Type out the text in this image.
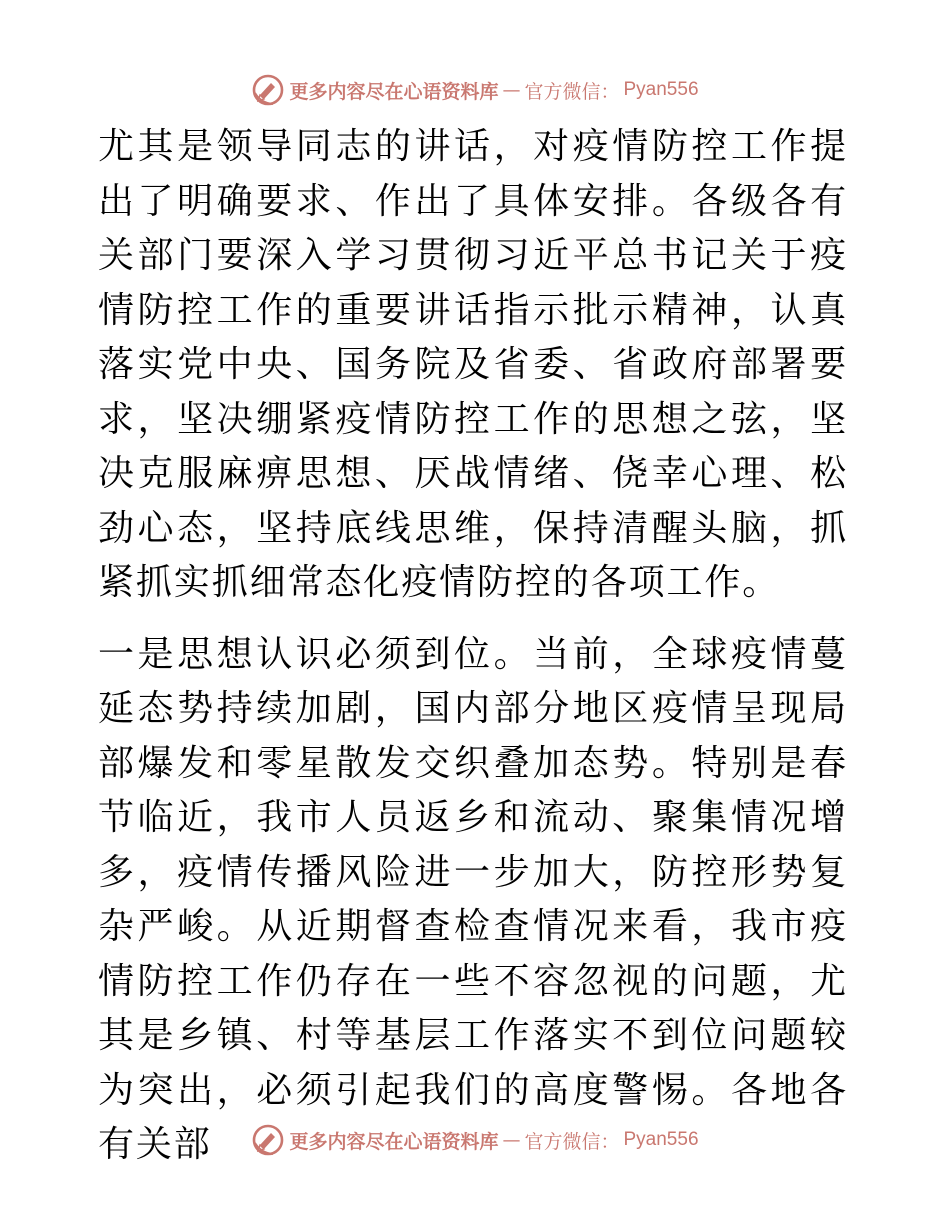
更多内容尽在心语资料库 — 官方微信： Pyan556

尤其是领导同志的讲话，对疫情防控工作提出了明确要求、作出了具体安排。各级各有关部门要深入学习贯彻习近平总书记关于疫情防控工作的重要讲话指示批示精神，认真落实党中央、国务院及省委、省政府部署要求，坚决绷紧疫情防控工作的思想之弦，坚决克服麻痹思想、厌战情绪、侥幸心理、松劲心态，坚持底线思维，保持清醒头脑，抓紧抓实抓细常态化疫情防控的各项工作。

一是思想认识必须到位。当前，全球疫情蔓延态势持续加剧，国内部分地区疫情呈现局部爆发和零星散发交织叠加态势。特别是春节临近，我市人员返乡和流动、聚集情况增多，疫情传播风险进一步加大，防控形势复杂严峻。从近期督查检查情况来看，我市疫情防控工作仍存在一些不容忽视的问题，尤其是乡镇、村等基层工作落实不到位问题较为突出，必须引起我们的高度警惕。各地各有关部	更多内容尽在心语资料库 — 官方微信： Pyan556
